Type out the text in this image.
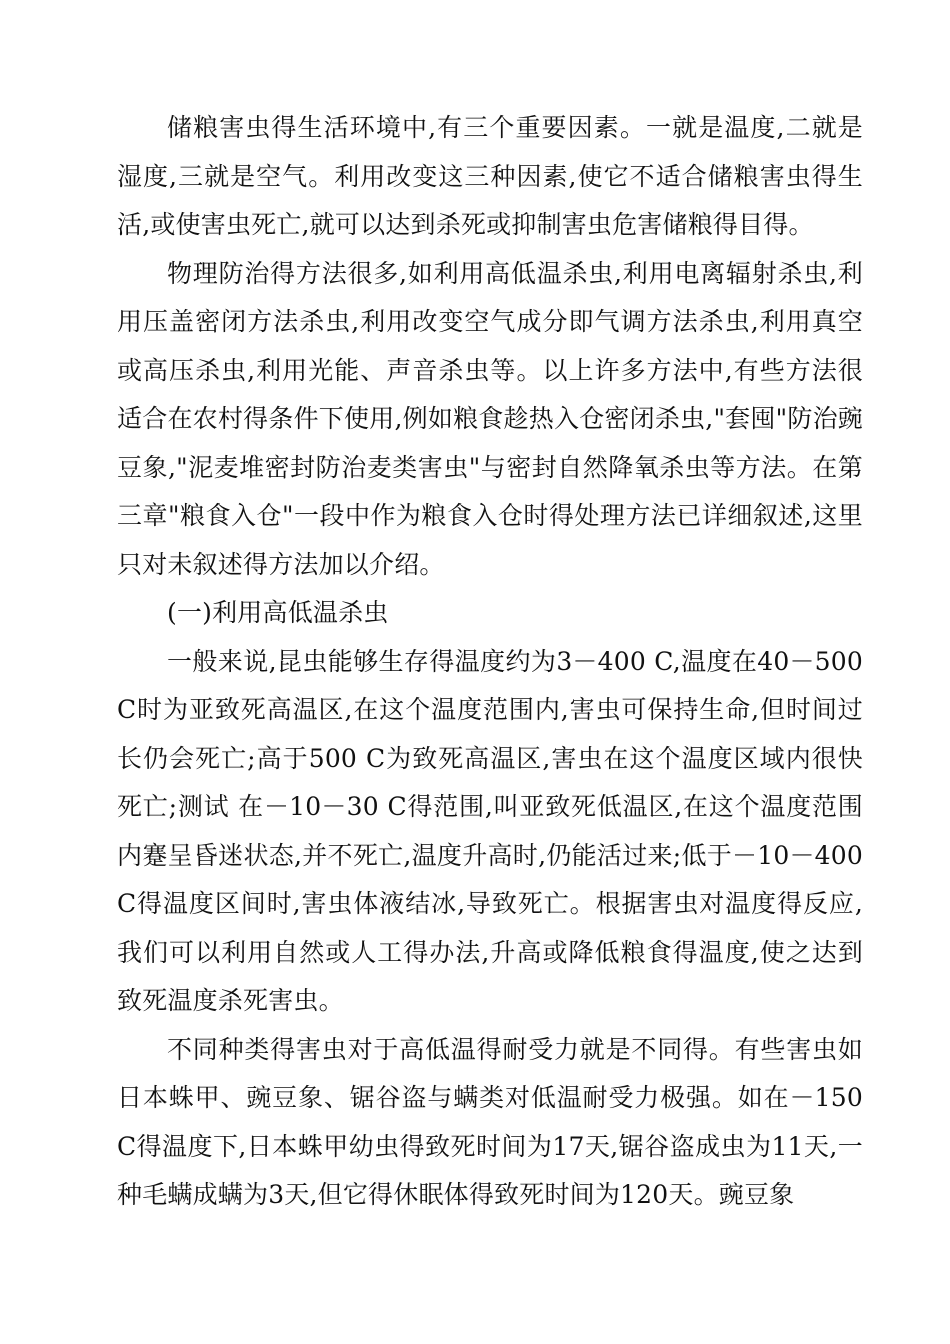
储粮害虫得生活环境中,有三个重要因素。一就是温度,二就是湿度,三就是空气。利用改变这三种因素,使它不适合储粮害虫得生活,或使害虫死亡,就可以达到杀死或抑制害虫危害储粮得目得。

物理防治得方法很多,如利用高低温杀虫,利用电离辐射杀虫,利用压盖密闭方法杀虫,利用改变空气成分即气调方法杀虫,利用真空或高压杀虫,利用光能、声音杀虫等。以上许多方法中,有些方法很适合在农村得条件下使用,例如粮食趁热入仓密闭杀虫,"套囤"防治豌豆象,"泥麦堆密封防治麦类害虫"与密封自然降氧杀虫等方法。在第三章"粮食入仓"一段中作为粮食入仓时得处理方法已详细叙述,这里只对未叙述得方法加以介绍。

(一)利用高低温杀虫

一般来说,昆虫能够生存得温度约为3－400 C,温度在40－500 C时为亚致死高温区,在这个温度范围内,害虫可保持生命,但时间过长仍会死亡;高于500 C为致死高温区,害虫在这个温度区域内很快死亡;测试 在－10－30 C得范围,叫亚致死低温区,在这个温度范围内蹇呈昏迷状态,并不死亡,温度升高时,仍能活过来;低于－10－400 C得温度区间时,害虫体液结冰,导致死亡。根据害虫对温度得反应,我们可以利用自然或人工得办法,升高或降低粮食得温度,使之达到致死温度杀死害虫。

不同种类得害虫对于高低温得耐受力就是不同得。有些害虫如日本蛛甲、豌豆象、锯谷盗与螨类对低温耐受力极强。如在－150 C得温度下,日本蛛甲幼虫得致死时间为17天,锯谷盗成虫为11天,一种毛螨成螨为3天,但它得休眠体得致死时间为120天。豌豆象
